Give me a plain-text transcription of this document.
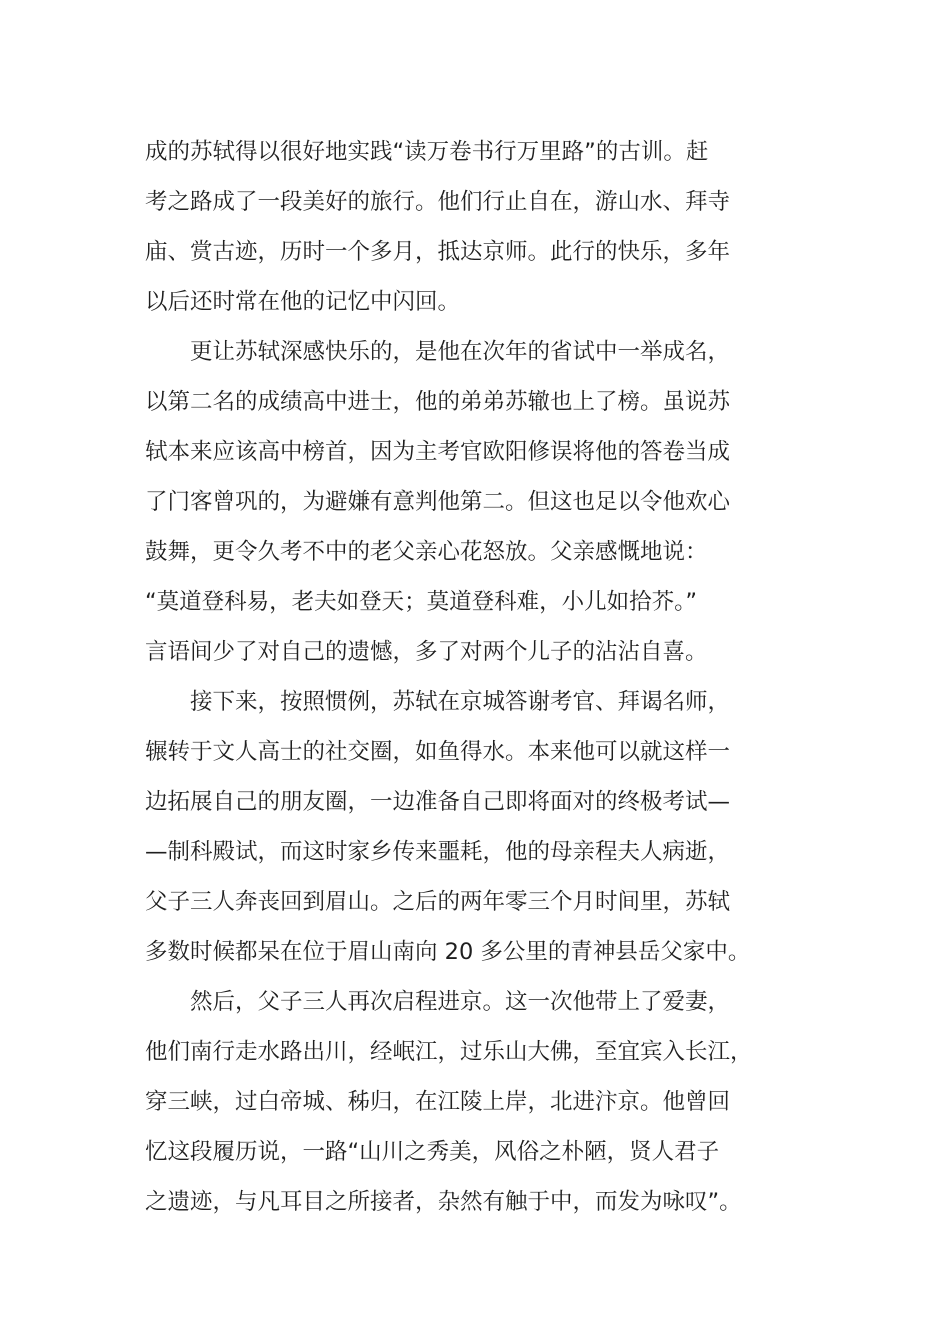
成的苏轼得以很好地实践“读万卷书行万里路”的古训。赶
考之路成了一段美好的旅行。他们行止自在，游山水、拜寺
庙、赏古迹，历时一个多月，抵达京师。此行的快乐，多年
以后还时常在他的记忆中闪回。
　　更让苏轼深感快乐的，是他在次年的省试中一举成名，
以第二名的成绩高中进士，他的弟弟苏辙也上了榜。虽说苏
轼本来应该高中榜首，因为主考官欧阳修误将他的答卷当成
了门客曾巩的，为避嫌有意判他第二。但这也足以令他欢心
鼓舞，更令久考不中的老父亲心花怒放。父亲感慨地说：
“莫道登科易，老夫如登天；莫道登科难，小儿如拾芥。”
言语间少了对自己的遗憾，多了对两个儿子的沾沾自喜。
　　接下来，按照惯例，苏轼在京城答谢考官、拜谒名师，
辗转于文人高士的社交圈，如鱼得水。本来他可以就这样一
边拓展自己的朋友圈，一边准备自己即将面对的终极考试—
—制科殿试，而这时家乡传来噩耗，他的母亲程夫人病逝，
父子三人奔丧回到眉山。之后的两年零三个月时间里，苏轼
多数时候都呆在位于眉山南向 20 多公里的青神县岳父家中。
　　然后，父子三人再次启程进京。这一次他带上了爱妻，
他们南行走水路出川，经岷江，过乐山大佛，至宜宾入长江，
穿三峡，过白帝城、秭归，在江陵上岸，北进汴京。他曾回
忆这段履历说，一路“山川之秀美，风俗之朴陋，贤人君子
之遗迹，与凡耳目之所接者，杂然有触于中，而发为咏叹”。
